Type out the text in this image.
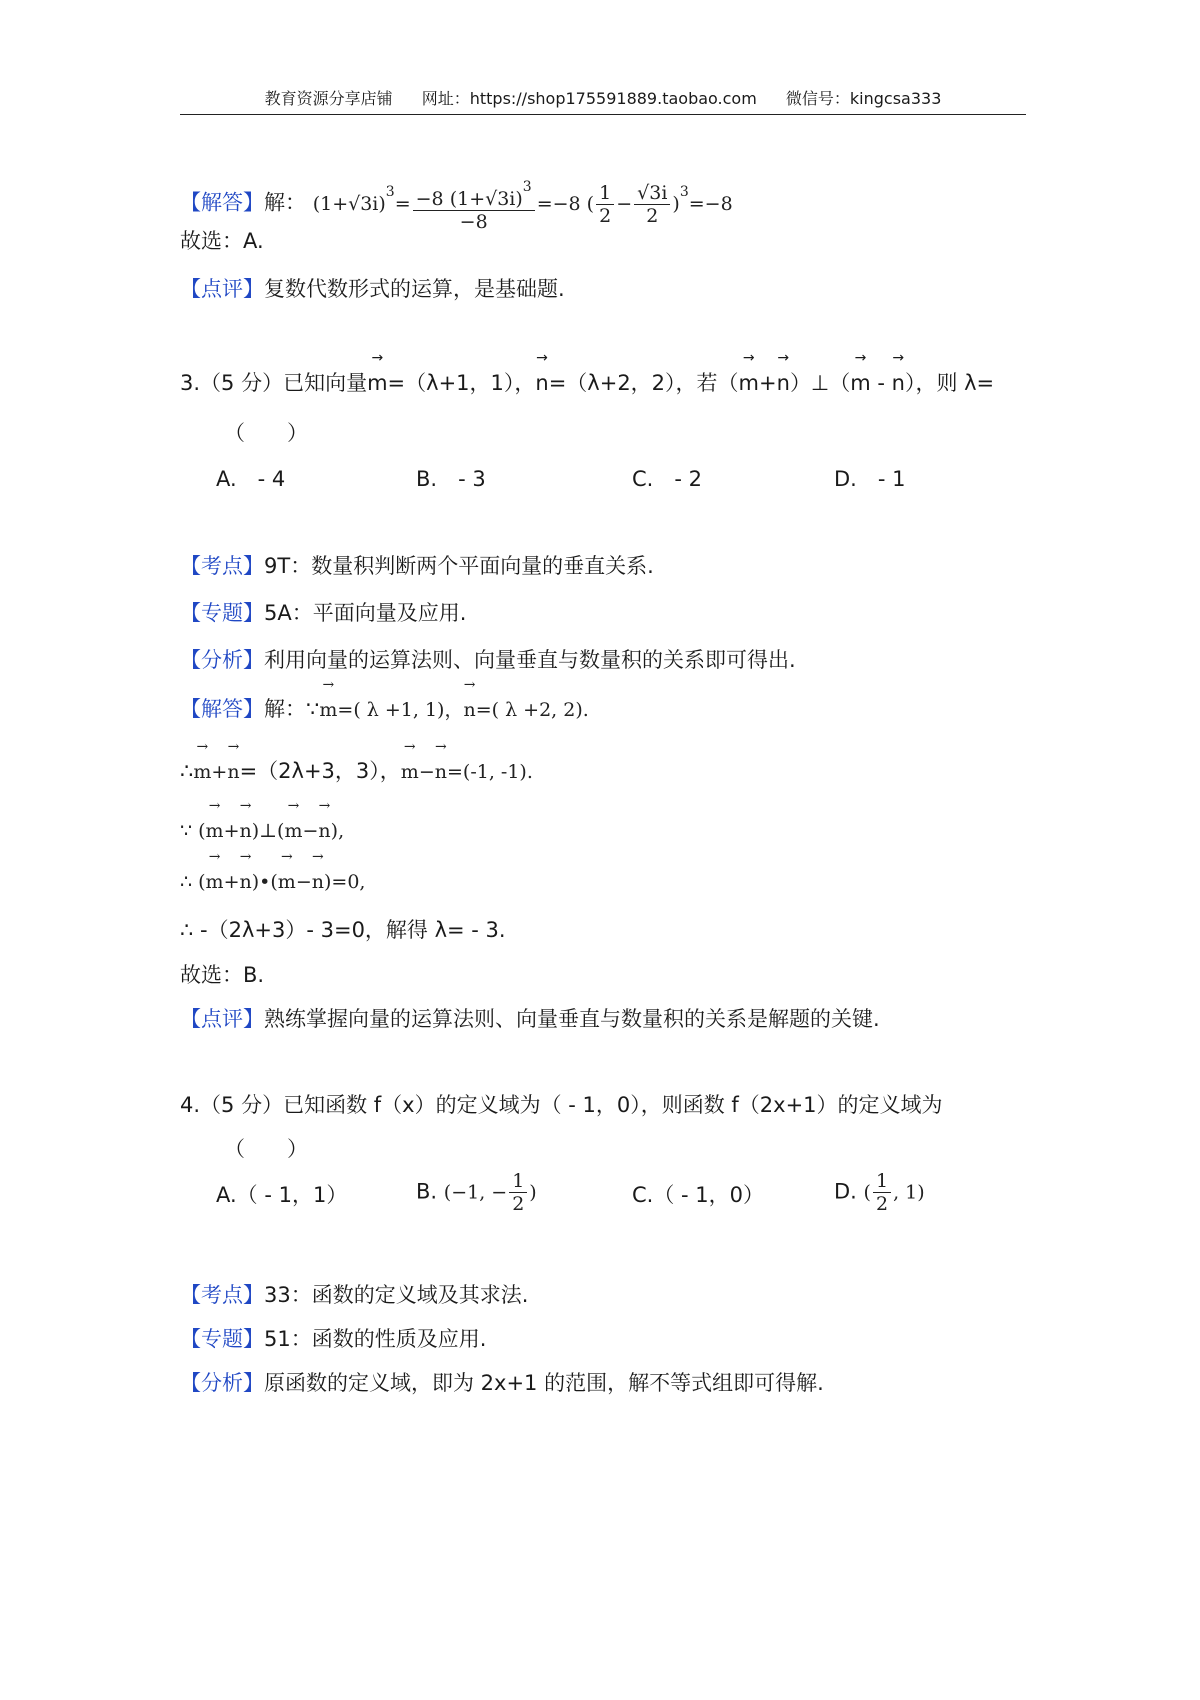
教育资源分享店铺 网址：https://shop175591889.taobao.com 微信号：kingcsa333
【解答】解： $(1+√3i)^3= \frac{-8 (1+√3i)^3}{-8} =-8$ ( $\frac{1}{2} - \frac{√3i}{2} )^3=-8$
故选：A.
【点评】复数代数形式的运算，是基础题.
3.（5 分）已知向量→ m=（λ+1，1），→ n=（λ+2，2），若（→ m+→ n）⊥（→ m - → n），则 λ=
（　　）
A.　- 4	B.　- 3	C.　- 2	D.　- 1
【考点】9T：数量积判断两个平面向量的垂直关系.
【专题】5A：平面向量及应用.
【分析】利用向量的运算法则、向量垂直与数量积的关系即可得出.
【解答】解：∵→ m=( λ +1, 1)，→ n=( λ +2, 2).
∴→ m+→ n=（2λ+3，3），→ m−→ n=(-1, -1).
∵ (→ m+→ n)⊥(→ m−→ n),
∴ (→ m+→ n)•(→ m−→ n)=0,
∴ -（2λ+3）- 3=0，解得 λ= - 3.
故选：B.
【点评】熟练掌握向量的运算法则、向量垂直与数量积的关系是解题的关键.
4.（5 分）已知函数 f（x）的定义域为（ - 1，0），则函数 f（2x+1）的定义域为
（　　）
A.（ - 1，1）	B. (−1, − $\frac{1}{2}$ )	C.（ - 1，0）	D. ( $\frac{1}{2}$ , 1)
【考点】33：函数的定义域及其求法.
【专题】51：函数的性质及应用.
【分析】原函数的定义域，即为 2x+1 的范围，解不等式组即可得解.
